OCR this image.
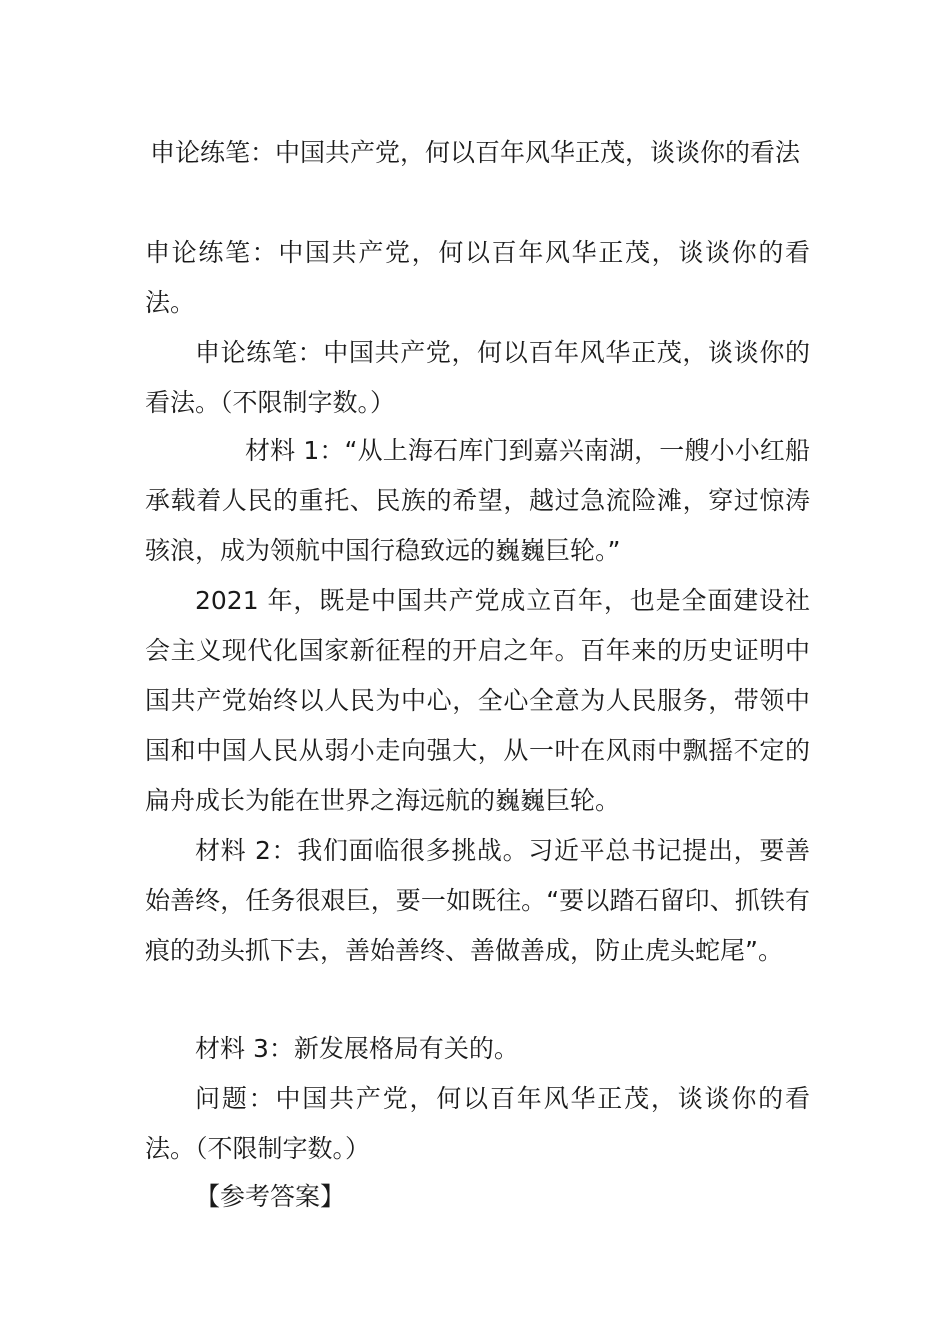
申论练笔：中国共产党，何以百年风华正茂，谈谈你的看法

申论练笔：中国共产党，何以百年风华正茂，谈谈你的看法。

申论练笔：中国共产党，何以百年风华正茂，谈谈你的看法。（不限制字数。）

材料 1：“从上海石库门到嘉兴南湖，一艘小小红船承载着人民的重托、民族的希望，越过急流险滩，穿过惊涛骇浪，成为领航中国行稳致远的巍巍巨轮。”

2021 年，既是中国共产党成立百年，也是全面建设社会主义现代化国家新征程的开启之年。百年来的历史证明中国共产党始终以人民为中心，全心全意为人民服务，带领中国和中国人民从弱小走向强大，从一叶在风雨中飘摇不定的扁舟成长为能在世界之海远航的巍巍巨轮。

材料 2：我们面临很多挑战。习近平总书记提出，要善始善终，任务很艰巨，要一如既往。“要以踏石留印、抓铁有痕的劲头抓下去，善始善终、善做善成，防止虎头蛇尾”。

材料 3：新发展格局有关的。

问题：中国共产党，何以百年风华正茂，谈谈你的看法。（不限制字数。）

【参考答案】
